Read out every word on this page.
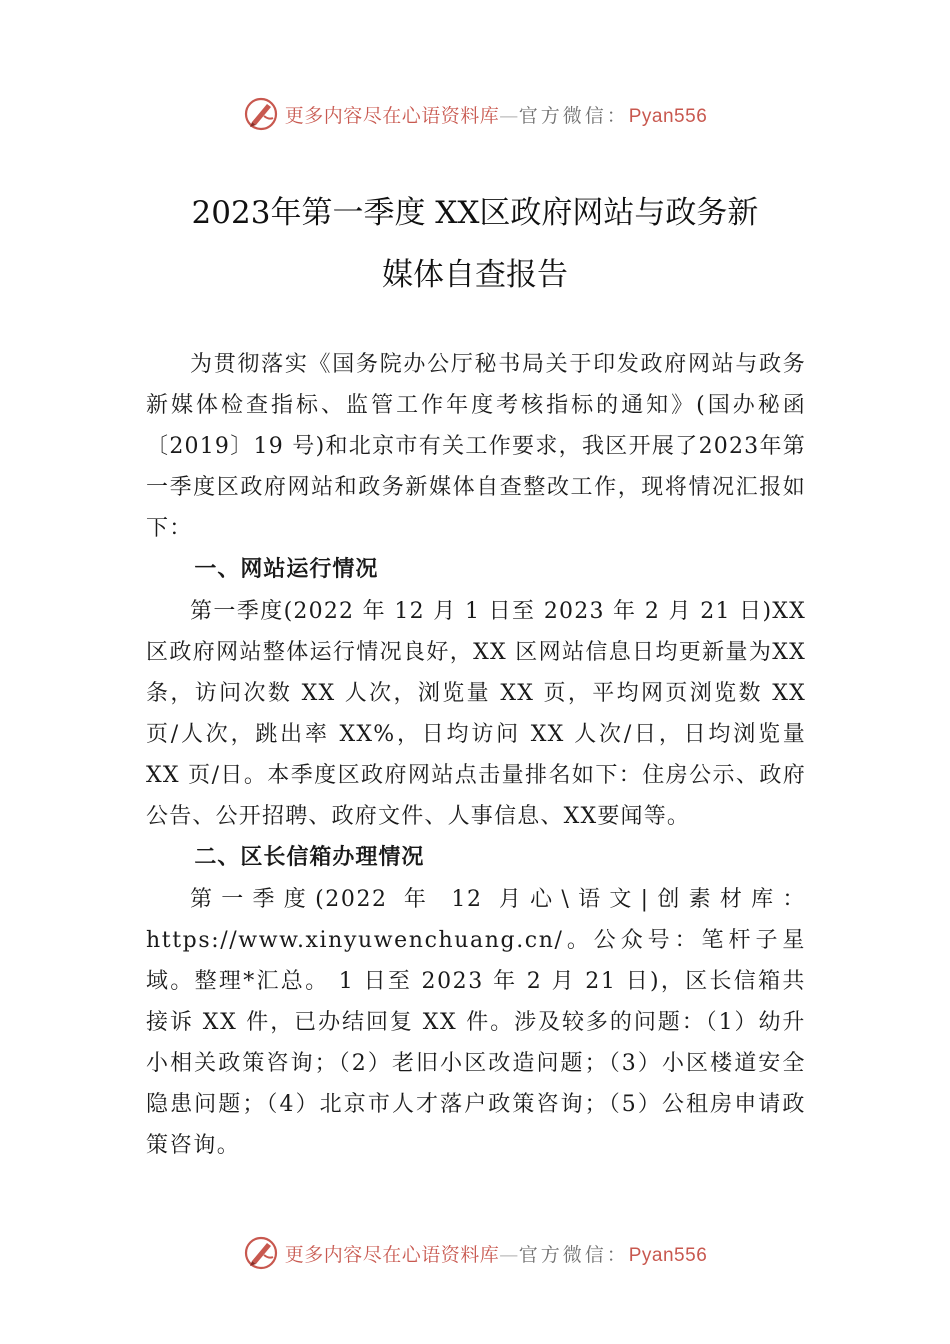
更多内容尽在心语资料库—官方微信：Pyan556
2023年第一季度 XX区政府网站与政务新
媒体自查报告

为贯彻落实《国务院办公厅秘书局关于印发政府网站与政务新媒体检查指标、监管工作年度考核指标的通知》(国办秘函〔2019〕19 号)和北京市有关工作要求，我区开展了2023年第一季度区政府网站和政务新媒体自查整改工作，现将情况汇报如下：

一、网站运行情况

第一季度(2022 年 12 月 1 日至 2023 年 2 月 21 日)XX区政府网站整体运行情况良好，XX 区网站信息日均更新量为XX条，访问次数 XX 人次，浏览量 XX 页，平均网页浏览数 XX 页/人次，跳出率 XX%，日均访问 XX 人次/日，日均浏览量 XX 页/日。本季度区政府网站点击量排名如下：住房公示、政府公告、公开招聘、政府文件、人事信息、XX要闻等。

二、区长信箱办理情况

第一季度(2022 年 12 月心\语文|创素材库：https://www.xinyuwenchuang.cn/。公众号：笔杆子星域。整理*汇总。 1 日至 2023 年 2 月 21 日)，区长信箱共接诉 XX 件，已办结回复 XX 件。涉及较多的问题：（1）幼升小相关政策咨询；（2）老旧小区改造问题；（3）小区楼道安全隐患问题；（4）北京市人才落户政策咨询；（5）公租房申请政策咨询。

更多内容尽在心语资料库—官方微信：Pyan556
